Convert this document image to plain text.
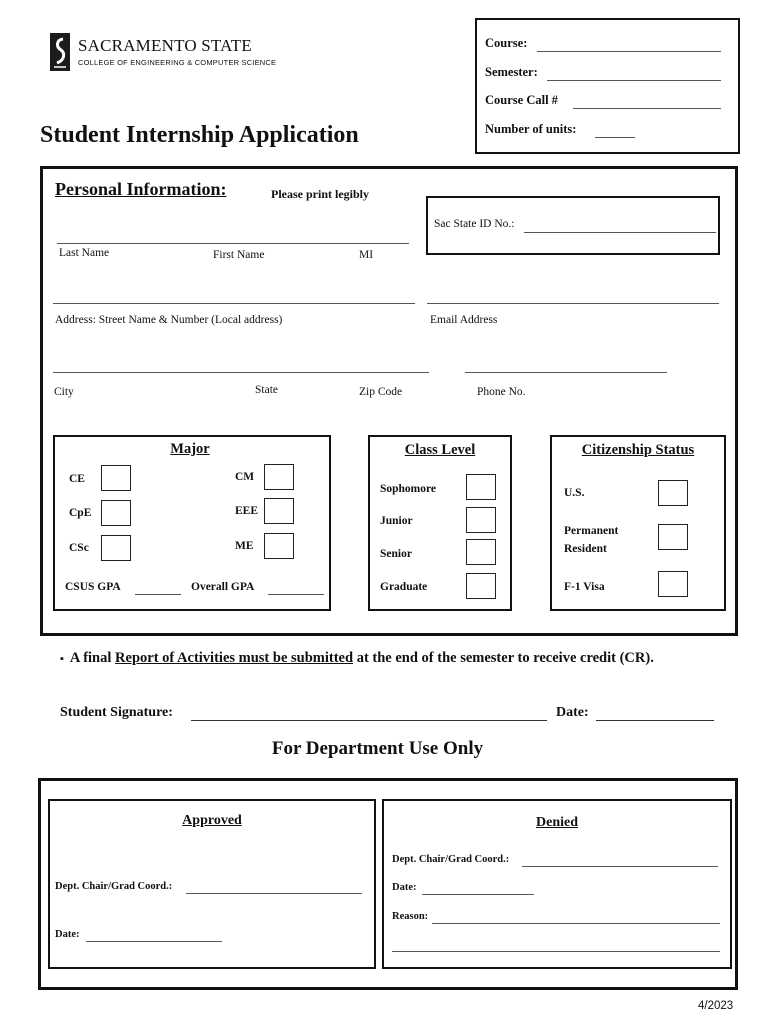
SACRAMENTO STATE
COLLEGE OF ENGINEERING & COMPUTER SCIENCE
Course:
Semester:
Course Call #
Number of units:
Student Internship Application
Personal Information:	Please print legibly
Sac State ID No.:
Last Name	First Name	MI
Address: Street Name & Number (Local address)	Email Address
City	State	Zip Code	Phone No.
Major
CE
CpE
CSc
CM
EEE
ME
CSUS GPA	Overall GPA
Class Level
Sophomore
Junior
Senior
Graduate
Citizenship Status
U.S.
Permanent
Resident
F-1 Visa
▪ A final Report of Activities must be submitted at the end of the semester to receive credit (CR).
Student Signature:	Date:
For Department Use Only
Approved
Dept. Chair/Grad Coord.:
Date:
Denied
Dept. Chair/Grad Coord.:
Date:
Reason:
4/2023
